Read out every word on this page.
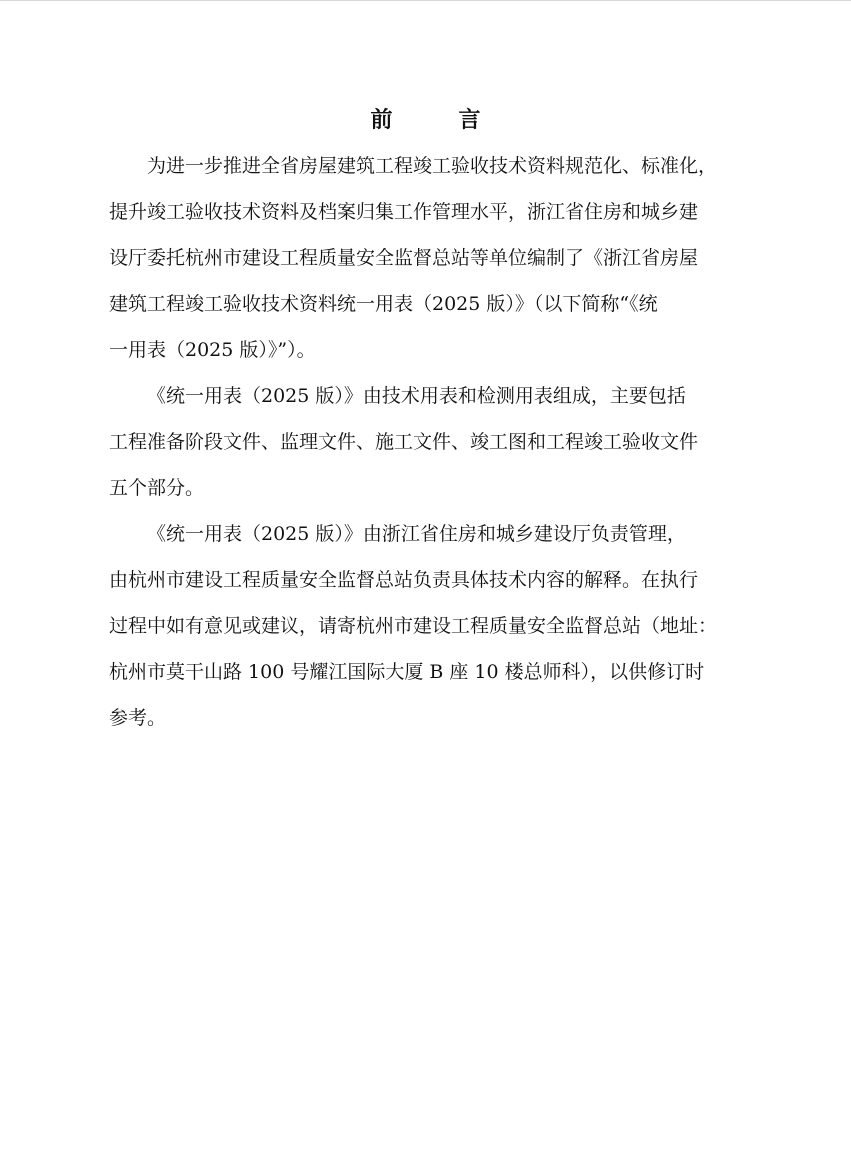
前　言

为进一步推进全省房屋建筑工程竣工验收技术资料规范化、标准化，
提升竣工验收技术资料及档案归集工作管理水平，浙江省住房和城乡建
设厅委托杭州市建设工程质量安全监督总站等单位编制了《浙江省房屋
建筑工程竣工验收技术资料统一用表（2025 版）》（以下简称“《统
一用表（2025 版）》”）。

《统一用表（2025 版）》由技术用表和检测用表组成，主要包括
工程准备阶段文件、监理文件、施工文件、竣工图和工程竣工验收文件
五个部分。

《统一用表（2025 版）》由浙江省住房和城乡建设厅负责管理，
由杭州市建设工程质量安全监督总站负责具体技术内容的解释。在执行
过程中如有意见或建议，请寄杭州市建设工程质量安全监督总站（地址：
杭州市莫干山路 100 号耀江国际大厦 B 座 10 楼总师科），以供修订时
参考。
